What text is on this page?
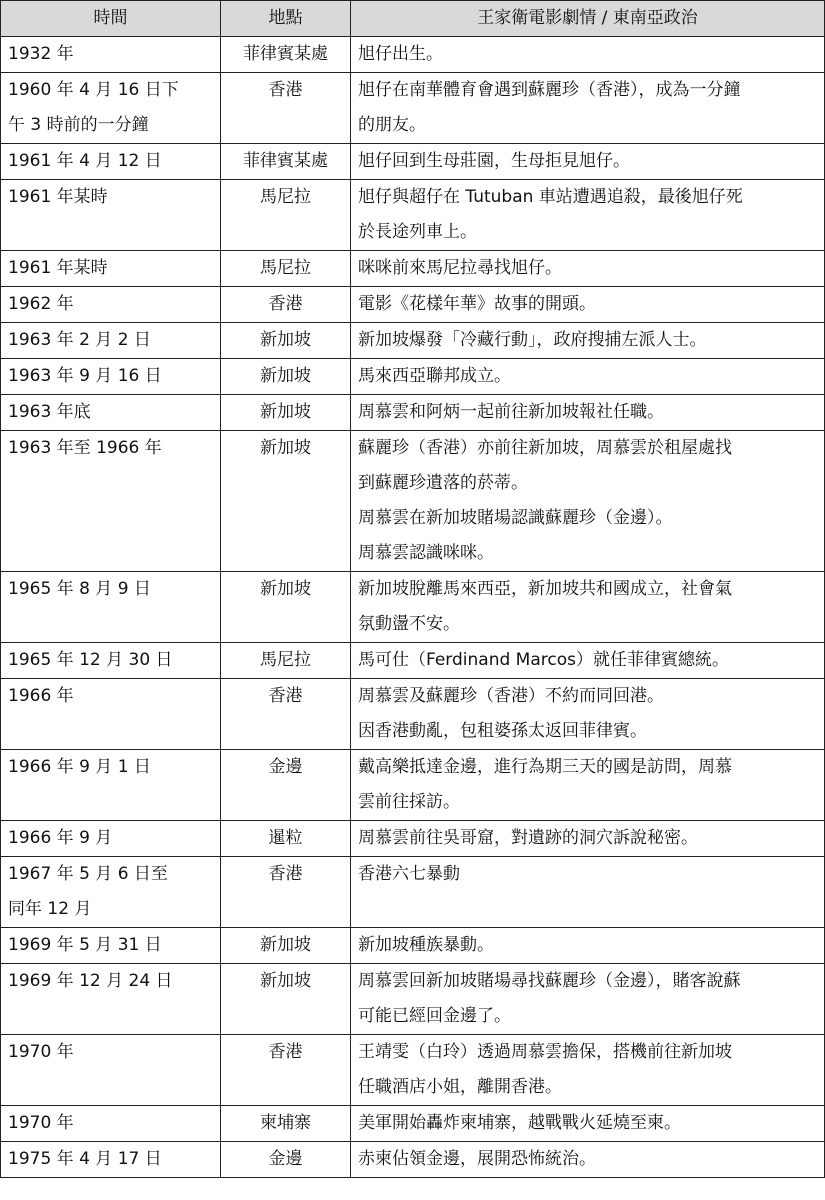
時間	地點	王家衛電影劇情 / 東南亞政治

1932 年	菲律賓某處	旭仔出生。

1960 年 4 月 16 日下
午 3 時前的一分鐘	香港	旭仔在南華體育會遇到蘇麗珍（香港），成為一分鐘
的朋友。

1961 年 4 月 12 日	菲律賓某處	旭仔回到生母莊園，生母拒見旭仔。

1961 年某時	馬尼拉	旭仔與超仔在 Tutuban 車站遭遇追殺，最後旭仔死
於長途列車上。

1961 年某時	馬尼拉	咪咪前來馬尼拉尋找旭仔。

1962 年	香港	電影《花樣年華》故事的開頭。

1963 年 2 月 2 日	新加坡	新加坡爆發「冷藏行動」，政府搜捕左派人士。

1963 年 9 月 16 日	新加坡	馬來西亞聯邦成立。

1963 年底	新加坡	周慕雲和阿炳一起前往新加坡報社任職。

1963 年至 1966 年	新加坡	蘇麗珍（香港）亦前往新加坡，周慕雲於租屋處找
到蘇麗珍遺落的菸蒂。
周慕雲在新加坡賭場認識蘇麗珍（金邊）。
周慕雲認識咪咪。

1965 年 8 月 9 日	新加坡	新加坡脫離馬來西亞，新加坡共和國成立，社會氣
氛動盪不安。

1965 年 12 月 30 日	馬尼拉	馬可仕（Ferdinand Marcos）就任菲律賓總統。

1966 年	香港	周慕雲及蘇麗珍（香港）不約而同回港。
因香港動亂，包租婆孫太返回菲律賓。

1966 年 9 月 1 日	金邊	戴高樂抵達金邊，進行為期三天的國是訪問，周慕
雲前往採訪。

1966 年 9 月	暹粒	周慕雲前往吳哥窟，對遺跡的洞穴訴說秘密。

1967 年 5 月 6 日至
同年 12 月	香港	香港六七暴動

1969 年 5 月 31 日	新加坡	新加坡種族暴動。

1969 年 12 月 24 日	新加坡	周慕雲回新加坡賭場尋找蘇麗珍（金邊），賭客說蘇
可能已經回金邊了。

1970 年	香港	王靖雯（白玲）透過周慕雲擔保，搭機前往新加坡
任職酒店小姐，離開香港。

1970 年	柬埔寨	美軍開始轟炸柬埔寨，越戰戰火延燒至柬。

1975 年 4 月 17 日	金邊	赤柬佔領金邊，展開恐怖統治。
